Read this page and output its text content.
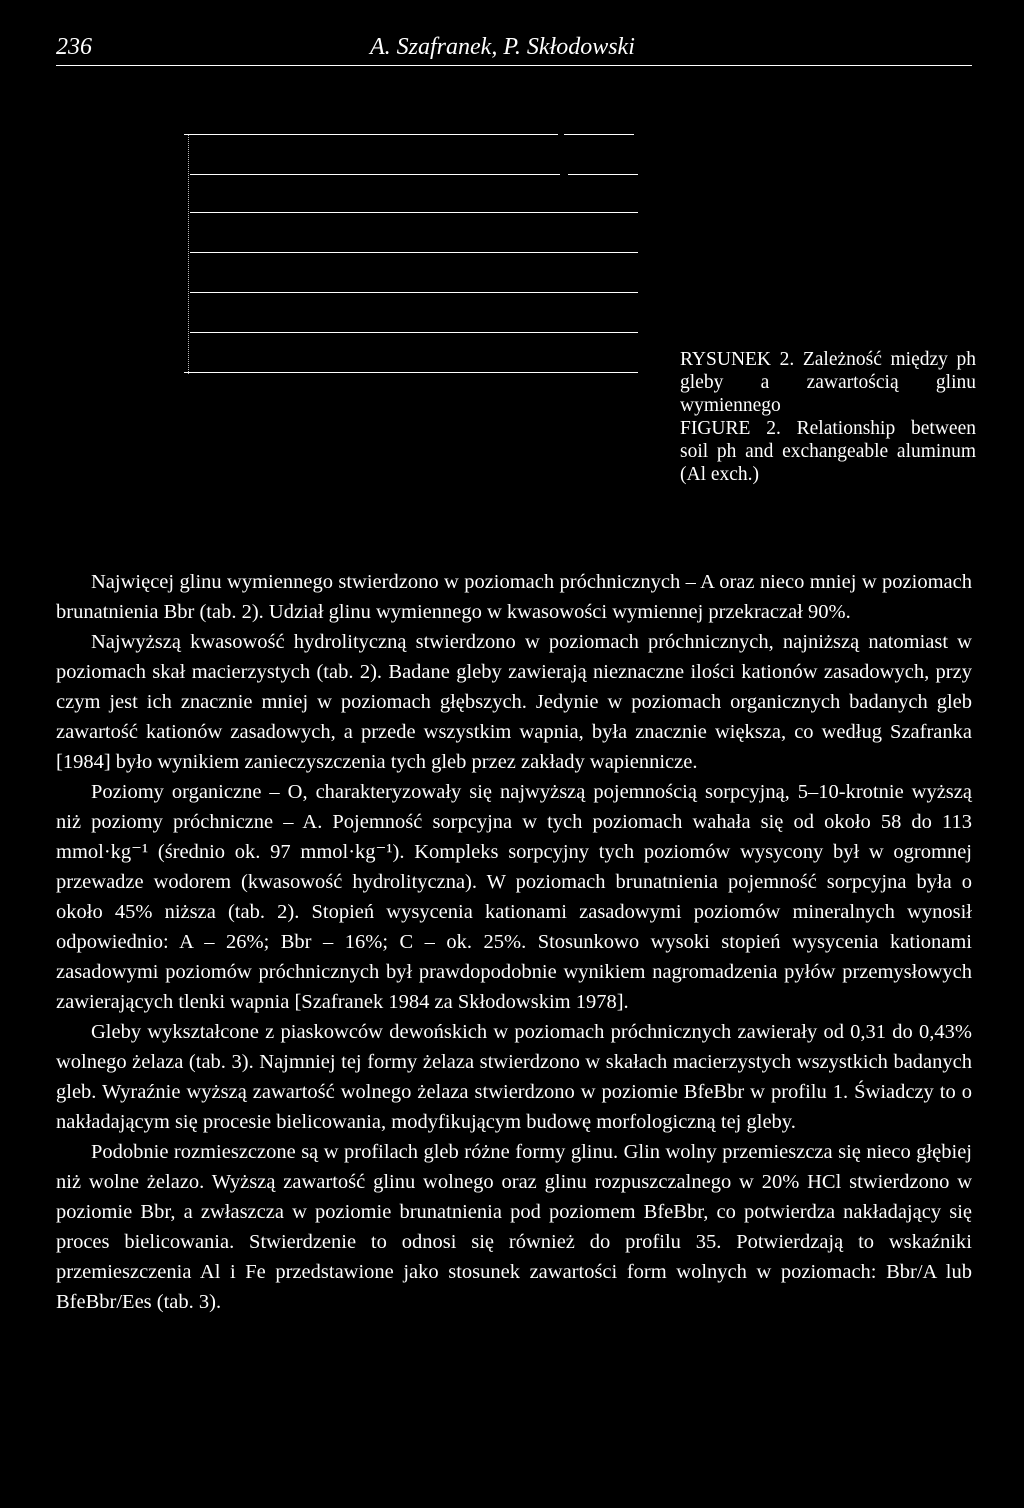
236	A. Szafranek, P. Skłodowski

RYSUNEK 2. Zależność między ph gleby a zawartością glinu wymiennego

FIGURE 2. Relationship between soil ph and exchangeable aluminum (Al exch.)

Najwięcej glinu wymiennego stwierdzono w poziomach próchnicznych – A oraz nieco mniej w poziomach brunatnienia Bbr (tab. 2). Udział glinu wymiennego w kwasowości wymiennej przekraczał 90%.

Najwyższą kwasowość hydrolityczną stwierdzono w poziomach próchnicznych, najniższą natomiast w poziomach skał macierzystych (tab. 2). Badane gleby zawierają nieznaczne ilości kationów zasadowych, przy czym jest ich znacznie mniej w poziomach głębszych. Jedynie w poziomach organicznych badanych gleb zawartość kationów zasadowych, a przede wszystkim wapnia, była znacznie większa, co według Szafranka [1984] było wynikiem zanieczyszczenia tych gleb przez zakłady wapiennicze.

Poziomy organiczne – O, charakteryzowały się najwyższą pojemnością sorpcyjną, 5–10-krotnie wyższą niż poziomy próchniczne – A. Pojemność sorpcyjna w tych poziomach wahała się od około 58 do 113 mmol·kg⁻¹ (średnio ok. 97 mmol·kg⁻¹). Kompleks sorpcyjny tych poziomów wysycony był w ogromnej przewadze wodorem (kwasowość hydrolityczna). W poziomach brunatnienia pojemność sorpcyjna była o około 45% niższa (tab. 2). Stopień wysycenia kationami zasadowymi poziomów mineralnych wynosił odpowiednio: A – 26%; Bbr – 16%; C – ok. 25%. Stosunkowo wysoki stopień wysycenia kationami zasadowymi poziomów próchnicznych był prawdopodobnie wynikiem nagromadzenia pyłów przemysłowych zawierających tlenki wapnia [Szafranek 1984 za Skłodowskim 1978].

Gleby wykształcone z piaskowców dewońskich w poziomach próchnicznych zawierały od 0,31 do 0,43% wolnego żelaza (tab. 3). Najmniej tej formy żelaza stwierdzono w skałach macierzystych wszystkich badanych gleb. Wyraźnie wyższą zawartość wolnego żelaza stwierdzono w poziomie BfeBbr w profilu 1. Świadczy to o nakładającym się procesie bielicowania, modyfikującym budowę morfologiczną tej gleby.

Podobnie rozmieszczone są w profilach gleb różne formy glinu. Glin wolny przemieszcza się nieco głębiej niż wolne żelazo. Wyższą zawartość glinu wolnego oraz glinu rozpuszczalnego w 20% HCl stwierdzono w poziomie Bbr, a zwłaszcza w poziomie brunatnienia pod poziomem BfeBbr, co potwierdza nakładający się proces bielicowania. Stwierdzenie to odnosi się również do profilu 35. Potwierdzają to wskaźniki przemieszczenia Al i Fe przedstawione jako stosunek zawartości form wolnych w poziomach: Bbr/A lub BfeBbr/Ees (tab. 3).
